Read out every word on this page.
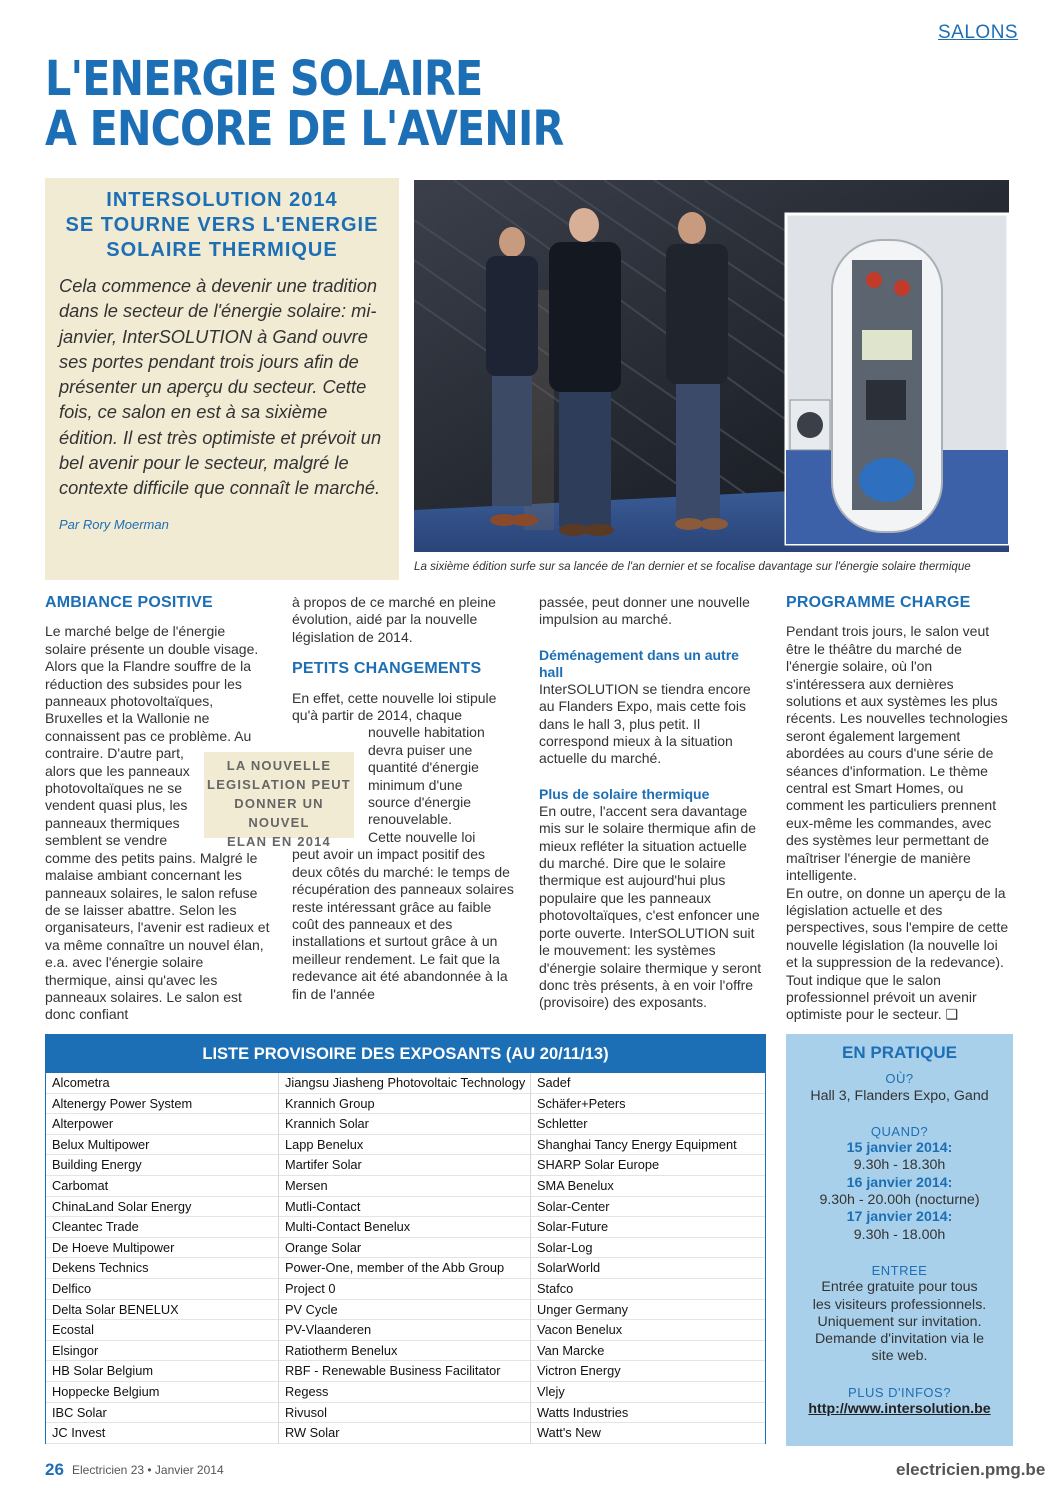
SALONS
L'ENERGIE SOLAIRE
A ENCORE DE L'AVENIR
INTERSOLUTION 2014
SE TOURNE VERS L'ENERGIE
SOLAIRE THERMIQUE
Cela commence à devenir une tradition dans le secteur de l'énergie solaire: mi-janvier, InterSOLUTION à Gand ouvre ses portes pendant trois jours afin de présenter un aperçu du secteur. Cette fois, ce salon en est à sa sixième édition. Il est très optimiste et prévoit un bel avenir pour le secteur, malgré le contexte difficile que connaît le marché.
Par Rory Moerman
La sixième édition surfe sur sa lancée de l'an dernier et se focalise davantage sur l'énergie solaire thermique
AMBIANCE POSITIVE

Le marché belge de l'énergie solaire présente un double visage. Alors que la Flandre souffre de la réduction des subsides pour les panneaux photovoltaïques, Bruxelles et la Wallonie ne connaissent pas ce problème. Au

contraire. D'autre part,

alors que les panneaux

photovoltaïques ne se

vendent quasi plus, les

panneaux thermiques

semblent se vendre

comme des petits pains. Malgré le malaise ambiant concernant les panneaux solaires, le salon refuse de se laisser abattre. Selon les organisateurs, l'avenir est radieux et va même connaître un nouvel élan, e.a. avec l'énergie solaire thermique, ainsi qu'avec les panneaux solaires. Le salon est donc confiant

à propos de ce marché en pleine évolution, aidé par la nouvelle législation de 2014.

PETITS CHANGEMENTS

En effet, cette nouvelle loi stipule qu'à partir de 2014, chaque

nouvelle habitation

devra puiser une

quantité d'énergie

minimum d'une

source d'énergie

renouvelable.

Cette nouvelle loi

peut avoir un impact positif des deux côtés du marché: le temps de récupération des panneaux solaires reste intéressant grâce au faible coût des panneaux et des installations et surtout grâce à un meilleur rendement. Le fait que la redevance ait été abandonnée à la fin de l'année

LA NOUVELLE
LEGISLATION PEUT
DONNER UN NOUVEL
ELAN EN 2014

passée, peut donner une nouvelle impulsion au marché.

Déménagement dans un autre hall

InterSOLUTION se tiendra encore au Flanders Expo, mais cette fois dans le hall 3, plus petit. Il correspond mieux à la situation actuelle du marché.

Plus de solaire thermique

En outre, l'accent sera davantage mis sur le solaire thermique afin de mieux refléter la situation actuelle du marché. Dire que le solaire thermique est aujourd'hui plus populaire que les panneaux photovoltaïques, c'est enfoncer une porte ouverte. InterSOLUTION suit le mouvement: les systèmes d'énergie solaire thermique y seront donc très présents, à en voir l'offre (provisoire) des exposants.

PROGRAMME CHARGE

Pendant trois jours, le salon veut être le théâtre du marché de l'énergie solaire, où l'on s'intéressera aux dernières solutions et aux systèmes les plus récents. Les nouvelles technologies seront également largement abordées au cours d'une série de séances d'information. Le thème central est Smart Homes, ou comment les particuliers prennent eux-même les commandes, avec des systèmes leur permettant de maîtriser l'énergie de manière intelligente.

En outre, on donne un aperçu de la législation actuelle et des perspectives, sous l'empire de cette nouvelle législation (la nouvelle loi et la suppression de la redevance). Tout indique que le salon professionnel prévoit un avenir optimiste pour le secteur. ❑

LISTE PROVISOIRE DES EXPOSANTS (AU 20/11/13)
Alcometra
Altenergy Power System
Alterpower
Belux Multipower
Building Energy
Carbomat
ChinaLand Solar Energy
Cleantec Trade
De Hoeve Multipower
Dekens Technics
Delfico
Delta Solar BENELUX
Ecostal
Elsingor
HB Solar Belgium
Hoppecke Belgium
IBC Solar
JC Invest
Jiangsu Jiasheng Photovoltaic Technology
Krannich Group
Krannich Solar
Lapp Benelux
Martifer Solar
Mersen
Mutli-Contact
Multi-Contact Benelux
Orange Solar
Power-One, member of the Abb Group
Project 0
PV Cycle
PV-Vlaanderen
Ratiotherm Benelux
RBF - Renewable Business Facilitator
Regess
Rivusol
RW Solar
Sadef
Schäfer+Peters
Schletter
Shanghai Tancy Energy Equipment
SHARP Solar Europe
SMA Benelux
Solar-Center
Solar-Future
Solar-Log
SolarWorld
Stafco
Unger Germany
Vacon Benelux
Van Marcke
Victron Energy
Vlejy
Watts Industries
Watt's New
EN PRATIQUE
OÙ?
Hall 3, Flanders Expo, Gand
QUAND?
15 janvier 2014:
9.30h - 18.30h
16 janvier 2014:
9.30h - 20.00h (nocturne)
17 janvier 2014:
9.30h - 18.00h
ENTREE
Entrée gratuite pour tous les visiteurs professionnels. Uniquement sur invitation. Demande d'invitation via le site web.
PLUS D'INFOS?
http://www.intersolution.be
26 Electricien 23 • Janvier 2014	electricien.pmg.be
